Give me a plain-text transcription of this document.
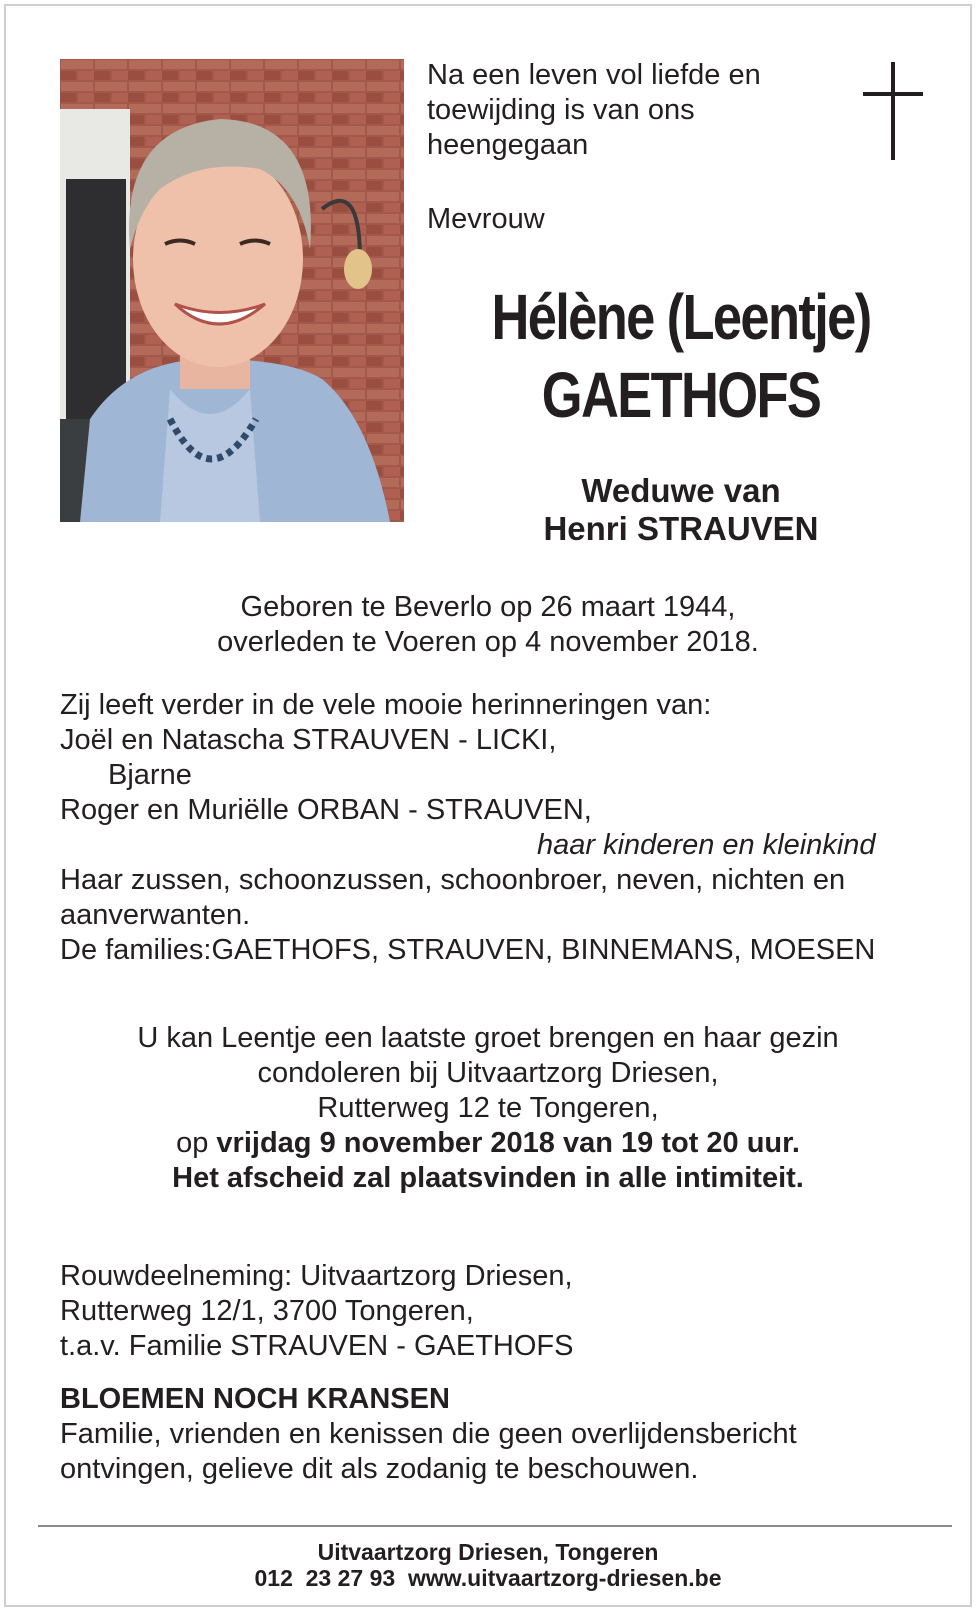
Na een leven vol liefde en
toewijding is van ons
heengegaan
Mevrouw
Hélène (Leentje)
GAETHOFS
Weduwe van
Henri STRAUVEN
Geboren te Beverlo op 26 maart 1944,
overleden te Voeren op 4 november 2018.
Zij leeft verder in de vele mooie herinneringen van:
Joël en Natascha STRAUVEN - LICKI,
Bjarne
Roger en Muriëlle ORBAN - STRAUVEN,
haar kinderen en kleinkind
Haar zussen, schoonzussen, schoonbroer, neven, nichten en
aanverwanten.
De families:GAETHOFS, STRAUVEN, BINNEMANS, MOESEN
U kan Leentje een laatste groet brengen en haar gezin
condoleren bij Uitvaartzorg Driesen,
Rutterweg 12 te Tongeren,
op vrijdag 9 november 2018 van 19 tot 20 uur.
Het afscheid zal plaatsvinden in alle intimiteit.
Rouwdeelneming: Uitvaartzorg Driesen,
Rutterweg 12/1, 3700 Tongeren,
t.a.v. Familie STRAUVEN - GAETHOFS
BLOEMEN NOCH KRANSEN
Familie, vrienden en kenissen die geen overlijdensbericht
ontvingen, gelieve dit als zodanig te beschouwen.
Uitvaartzorg Driesen, Tongeren
012  23 27 93  www.uitvaartzorg-driesen.be
